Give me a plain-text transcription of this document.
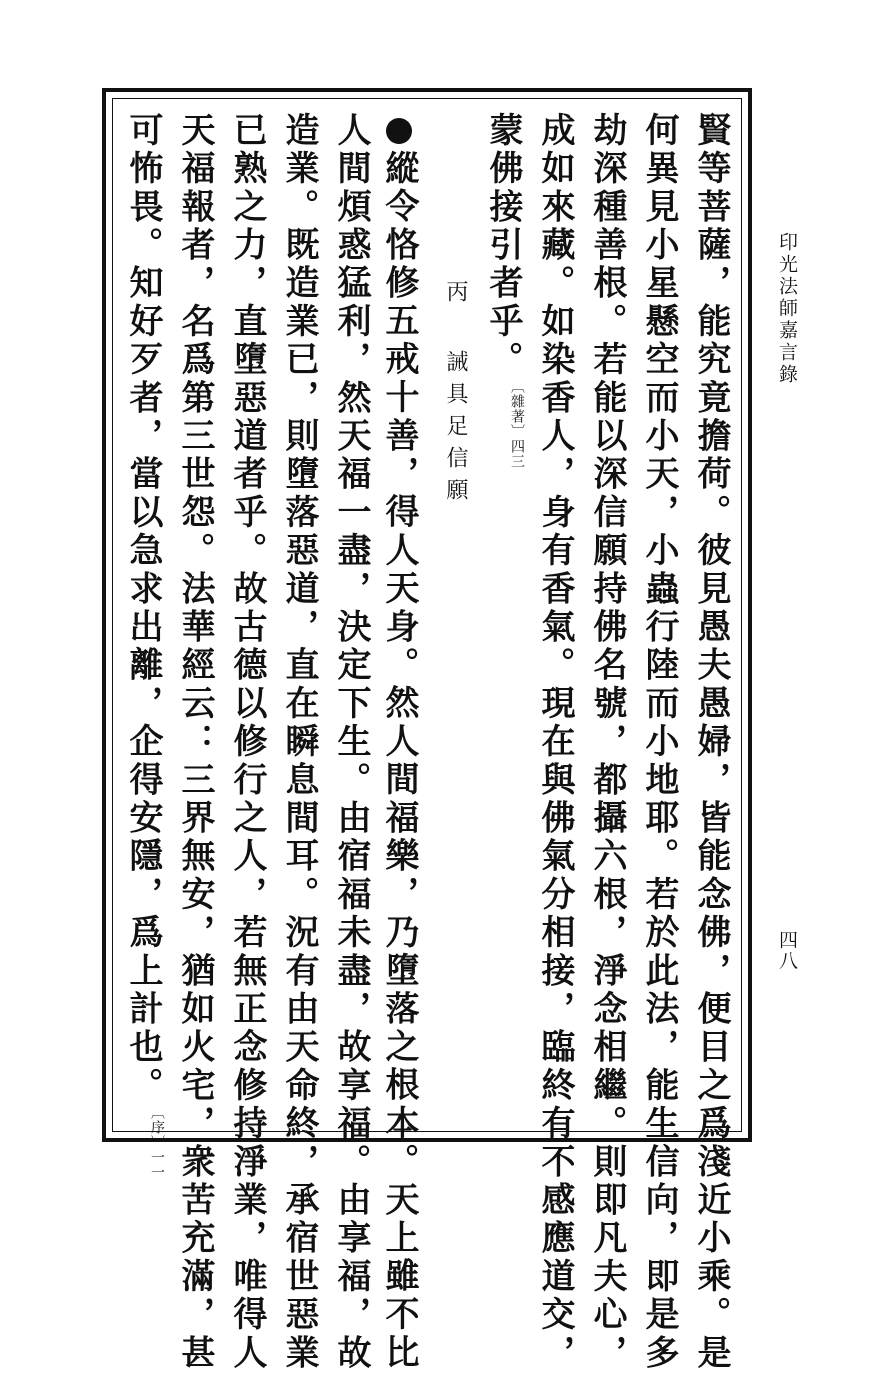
印光法師嘉言錄
四八
賢等菩薩，能究竟擔荷。彼見愚夫愚婦，皆能念佛，便目之爲淺近小乘。是
何異見小星懸空而小天，小蟲行陸而小地耶。若於此法，能生信向，即是多
劫深種善根。若能以深信願持佛名號，都攝六根，淨念相繼。則即凡夫心，
成如來藏。如染香人，身有香氣。現在與佛氣分相接，臨終有不感應道交，
蒙佛接引者乎。〔雜著〕四三
丙誡具足信願
縱令恪修五戒十善，得人天身。然人間福樂，乃墮落之根本。天上雖不比
人間煩惑猛利，然天福一盡，決定下生。由宿福未盡，故享福。由享福，故
造業。既造業已，則墮落惡道，直在瞬息間耳。況有由天命終，承宿世惡業
已熟之力，直墮惡道者乎。故古德以修行之人，若無正念修持淨業，唯得人
天福報者，名爲第三世怨。法華經云：三界無安，猶如火宅，衆苦充滿，甚
可怖畏。知好歹者，當以急求出離，企得安隱，爲上計也。〔序〕一一
